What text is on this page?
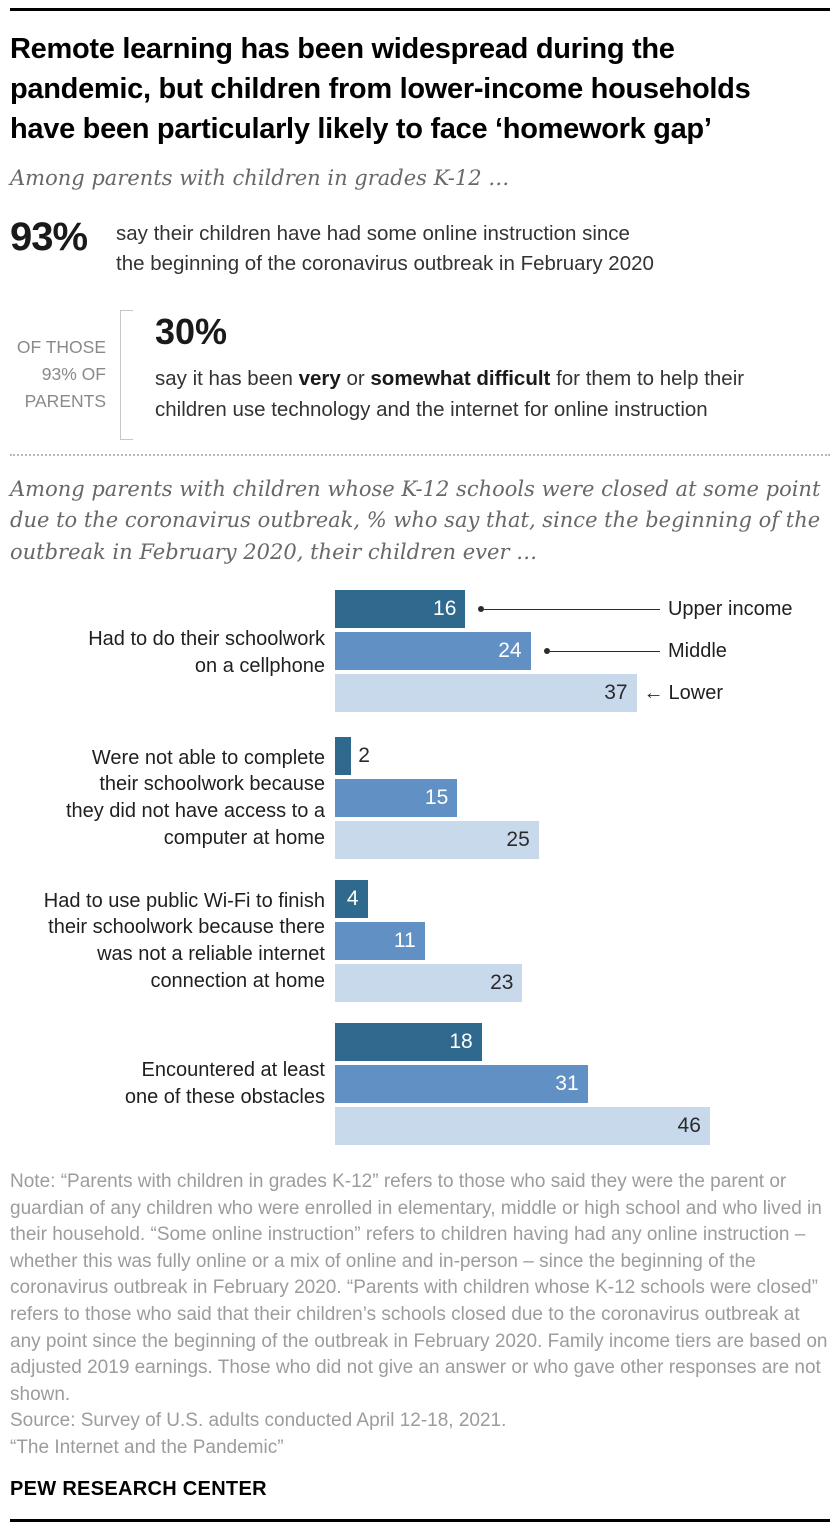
Remote learning has been widespread during the
pandemic, but children from lower-income households
have been particularly likely to face ‘homework gap’
Among parents with children in grades K-12 …
93%	say their children have had some online instruction since
the beginning of the coronavirus outbreak in February 2020
OF THOSE
93% OF
PARENTS
30%
say it has been very or somewhat difficult for them to help their children use technology and the internet for online instruction
Among parents with children whose K-12 schools were closed at some point
due to the coronavirus outbreak, % who say that, since the beginning of the
outbreak in February 2020, their children ever …
Had to do their schoolwork
on a cellphone
16	Upper income
24	Middle
37 ← Lower
Were not able to complete
their schoolwork because
they did not have access to a
computer at home
2
15
25
Had to use public Wi-Fi to finish
their schoolwork because there
was not a reliable internet
connection at home
4
11
23
Encountered at least
one of these obstacles
18
31
46

Note: “Parents with children in grades K-12” refers to those who said they were the parent or guardian of any children who were enrolled in elementary, middle or high school and who lived in their household. “Some online instruction” refers to children having had any online instruction – whether this was fully online or a mix of online and in-person – since the beginning of the coronavirus outbreak in February 2020. “Parents with children whose K-12 schools were closed” refers to those who said that their children’s schools closed due to the coronavirus outbreak at any point since the beginning of the outbreak in February 2020. Family income tiers are based on adjusted 2019 earnings. Those who did not give an answer or who gave other responses are not shown.

Source: Survey of U.S. adults conducted April 12-18, 2021.

“The Internet and the Pandemic”

PEW RESEARCH CENTER
